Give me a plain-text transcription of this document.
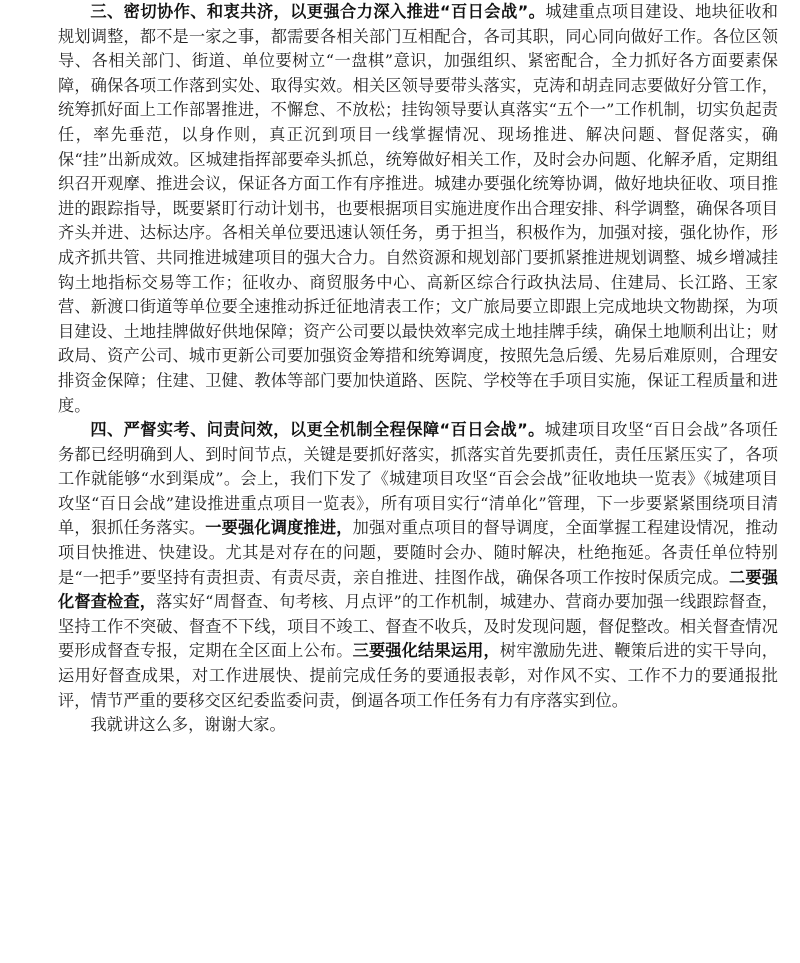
三、密切协作、和衷共济，以更强合力深入推进“百日会战”。城建重点项目建设、地块征收和规划调整，都不是一家之事，都需要各相关部门互相配合，各司其职，同心同向做好工作。各位区领导、各相关部门、街道、单位要树立“一盘棋”意识，加强组织、紧密配合，全力抓好各方面要素保障，确保各项工作落到实处、取得实效。相关区领导要带头落实，克涛和胡垚同志要做好分管工作，统筹抓好面上工作部署推进，不懈怠、不放松；挂钩领导要认真落实“五个一”工作机制，切实负起责任，率先垂范，以身作则，真正沉到项目一线掌握情况、现场推进、解决问题、督促落实，确保“挂”出新成效。区城建指挥部要牵头抓总，统筹做好相关工作，及时会办问题、化解矛盾，定期组织召开观摩、推进会议，保证各方面工作有序推进。城建办要强化统筹协调，做好地块征收、项目推进的跟踪指导，既要紧盯行动计划书，也要根据项目实施进度作出合理安排、科学调整，确保各项目齐头并进、达标达序。各相关单位要迅速认领任务，勇于担当，积极作为，加强对接，强化协作，形成齐抓共管、共同推进城建项目的强大合力。自然资源和规划部门要抓紧推进规划调整、城乡增减挂钩土地指标交易等工作；征收办、商贸服务中心、高新区综合行政执法局、住建局、长江路、王家营、新渡口街道等单位要全速推动拆迁征地清表工作；文广旅局要立即跟上完成地块文物勘探，为项目建设、土地挂牌做好供地保障；资产公司要以最快效率完成土地挂牌手续，确保土地顺利出让；财政局、资产公司、城市更新公司要加强资金筹措和统筹调度，按照先急后缓、先易后难原则，合理安排资金保障；住建、卫健、教体等部门要加快道路、医院、学校等在手项目实施，保证工程质量和进度。

四、严督实考、问责问效，以更全机制全程保障“百日会战”。城建项目攻坚“百日会战”各项任务都已经明确到人、到时间节点，关键是要抓好落实，抓落实首先要抓责任，责任压紧压实了，各项工作就能够“水到渠成”。会上，我们下发了《城建项目攻坚“百会会战”征收地块一览表》《城建项目攻坚“百日会战”建设推进重点项目一览表》，所有项目实行“清单化”管理，下一步要紧紧围绕项目清单，狠抓任务落实。一要强化调度推进，加强对重点项目的督导调度，全面掌握工程建设情况，推动项目快推进、快建设。尤其是对存在的问题，要随时会办、随时解决，杜绝拖延。各责任单位特别是“一把手”要坚持有责担责、有责尽责，亲自推进、挂图作战，确保各项工作按时保质完成。二要强化督查检查，落实好“周督查、旬考核、月点评”的工作机制，城建办、营商办要加强一线跟踪督查，坚持工作不突破、督查不下线，项目不竣工、督查不收兵，及时发现问题，督促整改。相关督查情况要形成督查专报，定期在全区面上公布。三要强化结果运用，树牢激励先进、鞭策后进的实干导向，运用好督查成果，对工作进展快、提前完成任务的要通报表彰，对作风不实、工作不力的要通报批评，情节严重的要移交区纪委监委问责，倒逼各项工作任务有力有序落实到位。

我就讲这么多，谢谢大家。
